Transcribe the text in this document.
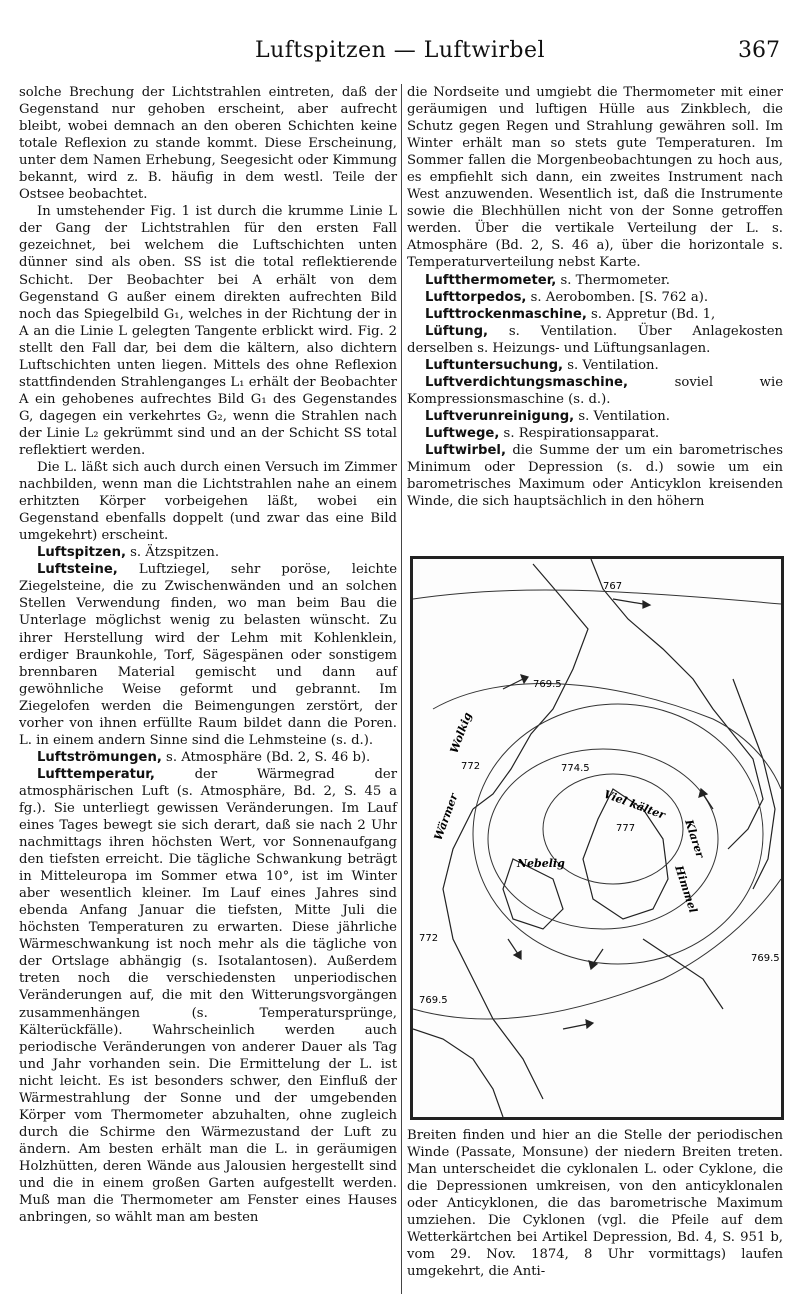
Luftspitzen — Luftwirbel	367

solche Brechung der Lichtstrahlen eintreten, daß der Gegenstand nur gehoben erscheint, aber aufrecht bleibt, wobei demnach an den oberen Schichten keine totale Reflexion zu stande kommt. Diese Erscheinung, unter dem Namen Erhebung, Seegesicht oder Kimmung bekannt, wird z. B. häufig in dem westl. Teile der Ostsee beobachtet.

In umstehender Fig. 1 ist durch die krumme Linie L der Gang der Lichtstrahlen für den ersten Fall gezeichnet, bei welchem die Luftschichten unten dünner sind als oben. SS ist die total reflektierende Schicht. Der Beobachter bei A erhält von dem Gegenstand G außer einem direkten aufrechten Bild noch das Spiegelbild G₁, welches in der Richtung der in A an die Linie L gelegten Tangente erblickt wird. Fig. 2 stellt den Fall dar, bei dem die kältern, also dichtern Luftschichten unten liegen. Mittels des ohne Reflexion stattfindenden Strahlenganges L₁ erhält der Beobachter A ein gehobenes aufrechtes Bild G₁ des Gegenstandes G, dagegen ein verkehrtes G₂, wenn die Strahlen nach der Linie L₂ gekrümmt sind und an der Schicht SS total reflektiert werden.

Die L. läßt sich auch durch einen Versuch im Zimmer nachbilden, wenn man die Lichtstrahlen nahe an einem erhitzten Körper vorbeigehen läßt, wobei ein Gegenstand ebenfalls doppelt (und zwar das eine Bild umgekehrt) erscheint.

Luftspitzen, s. Ätzspitzen.

Luftsteine, Luftziegel, sehr poröse, leichte Ziegelsteine, die zu Zwischenwänden und an solchen Stellen Verwendung finden, wo man beim Bau die Unterlage möglichst wenig zu belasten wünscht. Zu ihrer Herstellung wird der Lehm mit Kohlenklein, erdiger Braunkohle, Torf, Sägespänen oder sonstigem brennbaren Material gemischt und dann auf gewöhnliche Weise geformt und gebrannt. Im Ziegelofen werden die Beimengungen zerstört, der vorher von ihnen erfüllte Raum bildet dann die Poren. L. in einem andern Sinne sind die Lehmsteine (s. d.).

Luftströmungen, s. Atmosphäre (Bd. 2, S. 46 b).

Lufttemperatur, der Wärmegrad der atmosphärischen Luft (s. Atmosphäre, Bd. 2, S. 45 a fg.). Sie unterliegt gewissen Veränderungen. Im Lauf eines Tages bewegt sie sich derart, daß sie nach 2 Uhr nachmittags ihren höchsten Wert, vor Sonnenaufgang den tiefsten erreicht. Die tägliche Schwankung beträgt in Mitteleuropa im Sommer etwa 10°, ist im Winter aber wesentlich kleiner. Im Lauf eines Jahres sind ebenda Anfang Januar die tiefsten, Mitte Juli die höchsten Temperaturen zu erwarten. Diese jährliche Wärmeschwankung ist noch mehr als die tägliche von der Ortslage abhängig (s. Isotalantosen). Außerdem treten noch die verschiedensten unperiodischen Veränderungen auf, die mit den Witterungsvorgängen zusammenhängen (s. Temperatursprünge, Kälterückfälle). Wahrscheinlich werden auch periodische Veränderungen von anderer Dauer als Tag und Jahr vorhanden sein. Die Ermittelung der L. ist nicht leicht. Es ist besonders schwer, den Einfluß der Wärmestrahlung der Sonne und der umgebenden Körper vom Thermometer abzuhalten, ohne zugleich durch die Schirme den Wärmezustand der Luft zu ändern. Am besten erhält man die L. in geräumigen Holzhütten, deren Wände aus Jalousien hergestellt sind und die in einem großen Garten aufgestellt werden. Muß man die Thermometer am Fenster eines Hauses anbringen, so wählt man am besten

die Nordseite und umgiebt die Thermometer mit einer geräumigen und luftigen Hülle aus Zinkblech, die Schutz gegen Regen und Strahlung gewähren soll. Im Winter erhält man so stets gute Temperaturen. Im Sommer fallen die Morgenbeobachtungen zu hoch aus, es empfiehlt sich dann, ein zweites Instrument nach West anzuwenden. Wesentlich ist, daß die Instrumente sowie die Blechhüllen nicht von der Sonne getroffen werden. Über die vertikale Verteilung der L. s. Atmosphäre (Bd. 2, S. 46 a), über die horizontale s. Temperaturverteilung nebst Karte.

Luftthermometer, s. Thermometer.

Lufttorpedos, s. Aerobomben. [S. 762 a).

Lufttrockenmaschine, s. Appretur (Bd. 1,

Lüftung, s. Ventilation. Über Anlagekosten derselben s. Heizungs- und Lüftungsanlagen.

Luftuntersuchung, s. Ventilation.

Luftverdichtungsmaschine, soviel wie Kompressionsmaschine (s. d.).

Luftverunreinigung, s. Ventilation.

Luftwege, s. Respirationsapparat.

Luftwirbel, die Summe der um ein barometrisches Minimum oder Depression (s. d.) sowie um ein barometrisches Maximum oder Anticyklon kreisenden Winde, die sich hauptsächlich in den höhern

767
769.5
772	774.5
777
772
769.5
769.5
Wolkig
Wärmer	Viel kälter
Nebelig
Klarer
Himmel

Breiten finden und hier an die Stelle der periodischen Winde (Passate, Monsune) der niedern Breiten treten. Man unterscheidet die cyklonalen L. oder Cyklone, die die Depressionen umkreisen, von den anticyklonalen oder Anticyklonen, die das barometrische Maximum umziehen. Die Cyklonen (vgl. die Pfeile auf dem Wetterkärtchen bei Artikel Depression, Bd. 4, S. 951 b, vom 29. Nov. 1874, 8 Uhr vormittags) laufen umgekehrt, die Anti-
